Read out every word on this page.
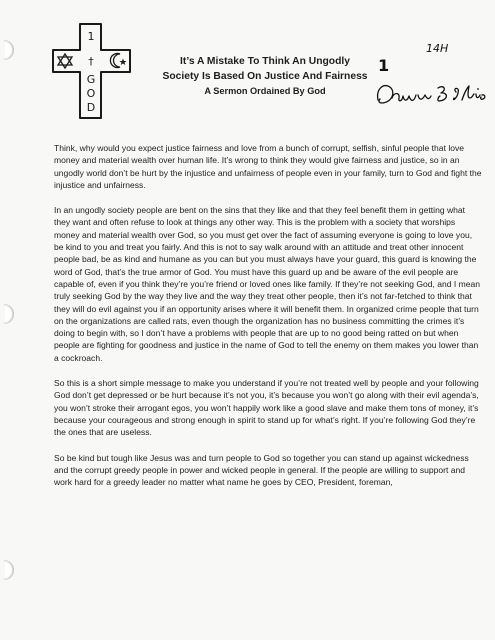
1
†
G
O
D
It’s A Mistake To Think An Ungodly
Society Is Based On Justice And Fairness
A Sermon Ordained By God
1
14H

Think, why would you expect justice fairness and love from a bunch of corrupt, selfish, sinful people that love money and material wealth over human life. It’s wrong to think they would give fairness and justice, so in an ungodly world don’t be hurt by the injustice and unfairness of people even in your family, turn to God and fight the injustice and unfairness.

In an ungodly society people are bent on the sins that they like and that they feel benefit them in getting what they want and often refuse to look at things any other way. This is the problem with a society that worships money and material wealth over God, so you must get over the fact of assuming everyone is going to love you, be kind to you and treat you fairly. And this is not to say walk around with an attitude and treat other innocent people bad, be as kind and humane as you can but you must always have your guard, this guard is knowing the word of God, that’s the true armor of God. You must have this guard up and be aware of the evil people are capable of, even if you think they’re you’re friend or loved ones like family. If they’re not seeking God, and I mean truly seeking God by the way they live and the way they treat other people, then it’s not far-fetched to think that they will do evil against you if an opportunity arises where it will benefit them. In organized crime people that turn on the organizations are called rats, even though the organization has no business committing the crimes it’s doing to begin with, so I don’t have a problems with people that are up to no good being ratted on but when people are fighting for goodness and justice in the name of God to tell the enemy on them makes you lower than a cockroach.

So this is a short simple message to make you understand if you’re not treated well by people and your following God don’t get depressed or be hurt because it’s not you, it’s because you won’t go along with their evil agenda’s, you won’t stroke their arrogant egos, you won’t happily work like a good slave and make them tons of money, it’s because your courageous and strong enough in spirit to stand up for what’s right. If you’re following God they’re the ones that are useless.

So be kind but tough like Jesus was and turn people to God so together you can stand up against wickedness and the corrupt greedy people in power and wicked people in general. If the people are willing to support and work hard for a greedy leader no matter what name he goes by CEO, President, foreman,
